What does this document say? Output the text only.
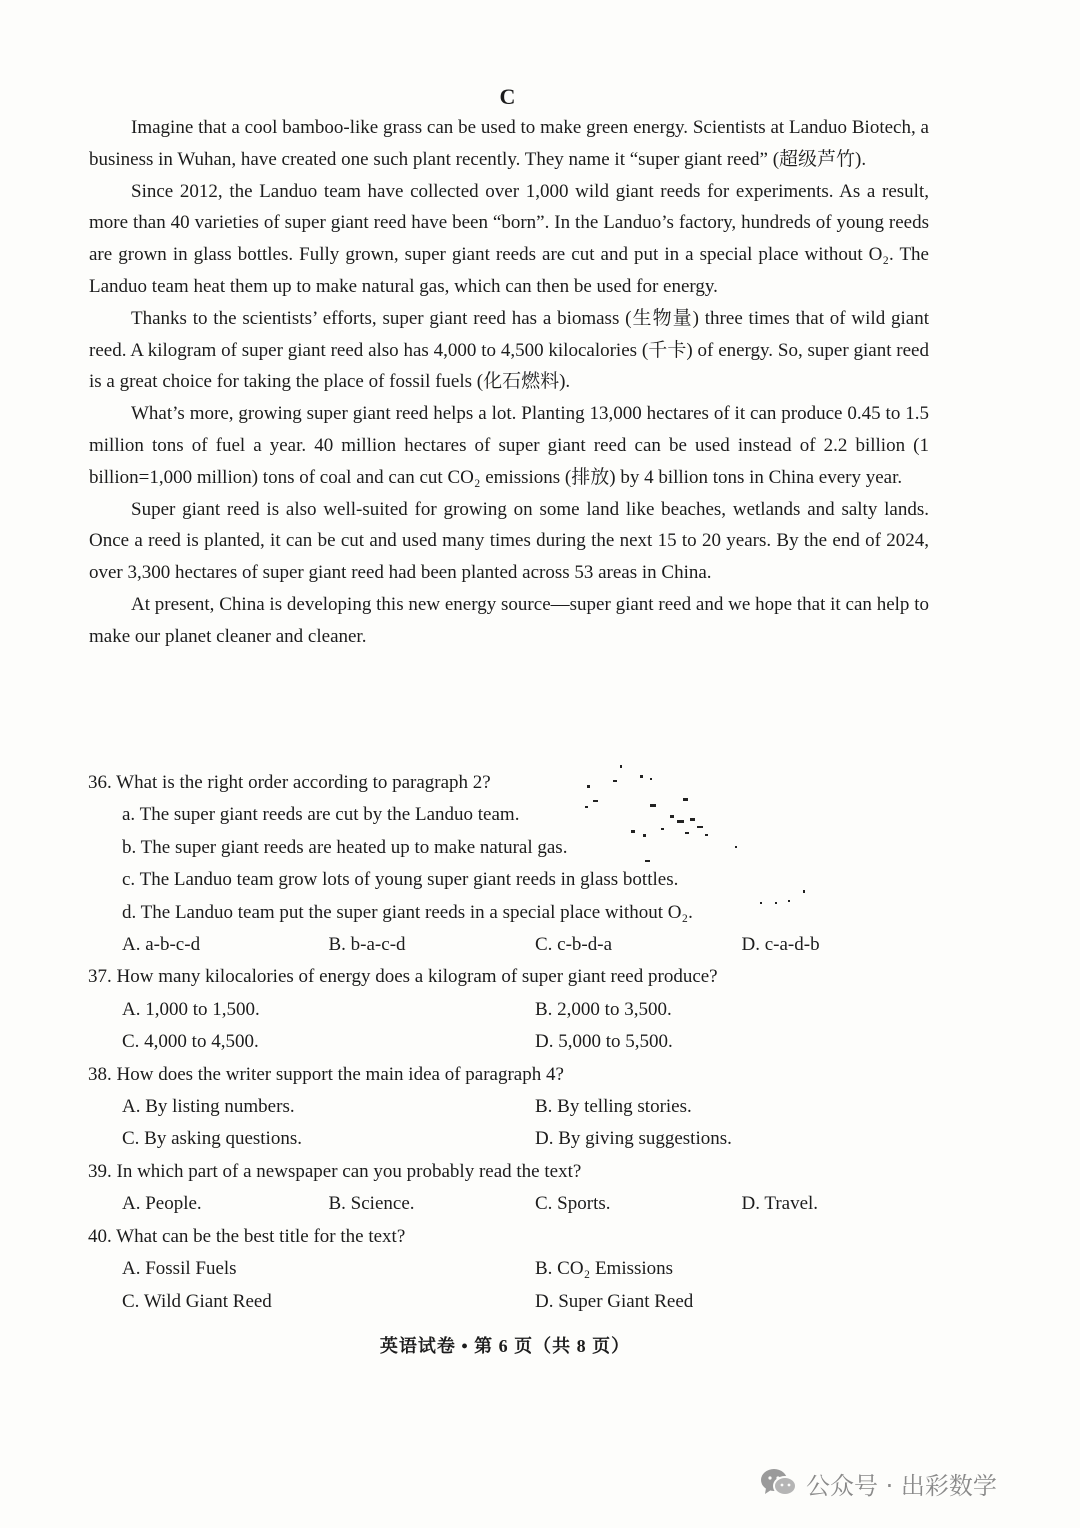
C

Imagine that a cool bamboo-like grass can be used to make green energy. Scientists at Landuo Biotech, a business in Wuhan, have created one such plant recently. They name it “super giant reed” (超级芦竹).

Since 2012, the Landuo team have collected over 1,000 wild giant reeds for experiments. As a result, more than 40 varieties of super giant reed have been “born”. In the Landuo’s factory, hundreds of young reeds are grown in glass bottles. Fully grown, super giant reeds are cut and put in a special place without O₂. The Landuo team heat them up to make natural gas, which can then be used for energy.

Thanks to the scientists’ efforts, super giant reed has a biomass (生物量) three times that of wild giant reed. A kilogram of super giant reed also has 4,000 to 4,500 kilocalories (千卡) of energy. So, super giant reed is a great choice for taking the place of fossil fuels (化石燃料).

What’s more, growing super giant reed helps a lot. Planting 13,000 hectares of it can produce 0.45 to 1.5 million tons of fuel a year. 40 million hectares of super giant reed can be used instead of 2.2 billion (1 billion=1,000 million) tons of coal and can cut CO₂ emissions (排放) by 4 billion tons in China every year.

Super giant reed is also well-suited for growing on some land like beaches, wetlands and salty lands. Once a reed is planted, it can be cut and used many times during the next 15 to 20 years. By the end of 2024, over 3,300 hectares of super giant reed had been planted across 53 areas in China.

At present, China is developing this new energy source—super giant reed and we hope that it can help to make our planet cleaner and cleaner.

36. What is the right order according to paragraph 2?
a. The super giant reeds are cut by the Landuo team.
b. The super giant reeds are heated up to make natural gas.
c. The Landuo team grow lots of young super giant reeds in glass bottles.
d. The Landuo team put the super giant reeds in a special place without O₂.
A. a-b-c-d	B. b-a-c-d	C. c-b-d-a	D. c-a-d-b
37. How many kilocalories of energy does a kilogram of super giant reed produce?
A. 1,000 to 1,500.	B. 2,000 to 3,500.
C. 4,000 to 4,500.	D. 5,000 to 5,500.
38. How does the writer support the main idea of paragraph 4?
A. By listing numbers.	B. By telling stories.
C. By asking questions.	D. By giving suggestions.
39. In which part of a newspaper can you probably read the text?
A. People.	B. Science.	C. Sports.	D. Travel.
40. What can be the best title for the text?
A. Fossil Fuels	B. CO₂ Emissions
C. Wild Giant Reed	D. Super Giant Reed
英语试卷 • 第 6 页（共 8 页）
公众号 · 出彩数学
